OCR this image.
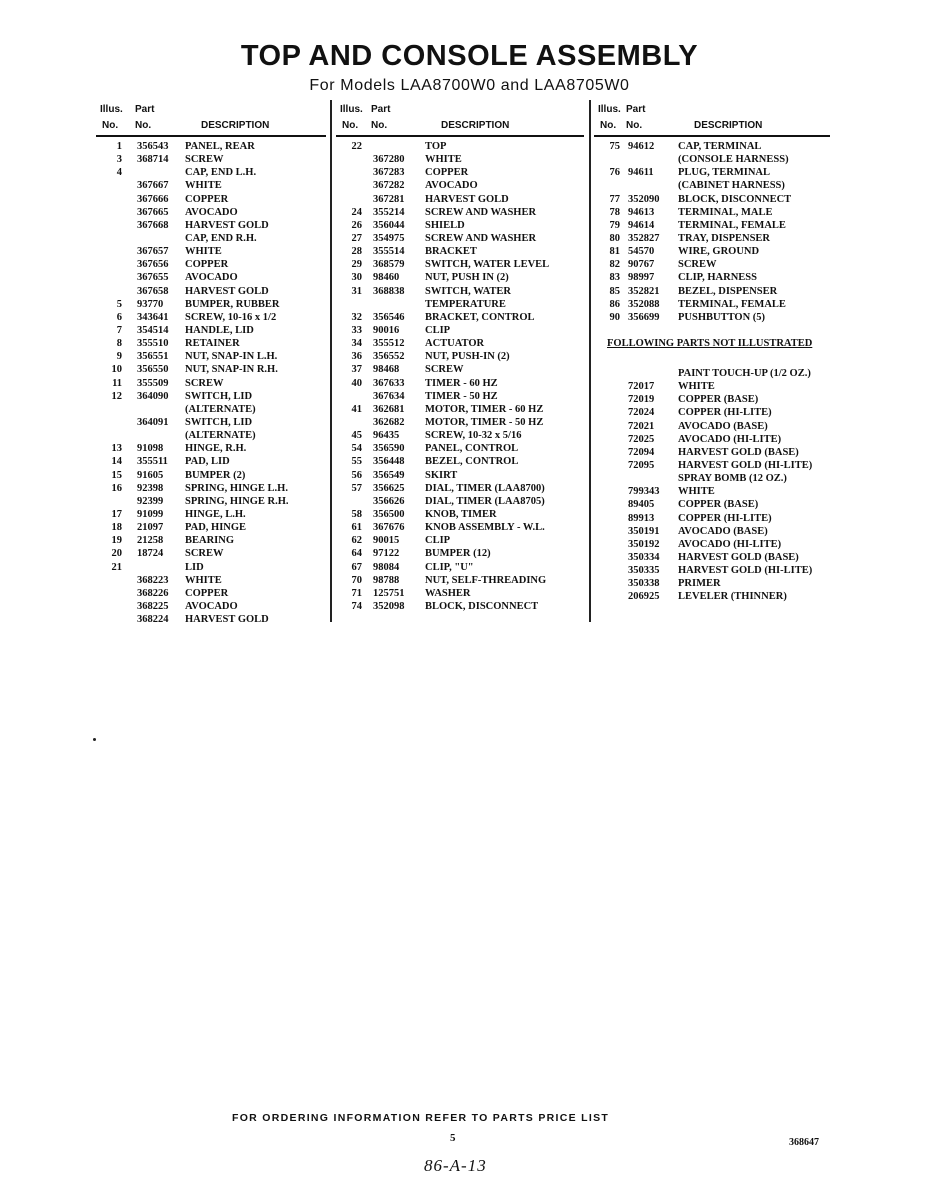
TOP AND CONSOLE ASSEMBLY
For Models LAA8700W0 and LAA8705W0
Illus. Part
No. No.	DESCRIPTION
1 356543 PANEL, REAR
3 368714 SCREW
4	CAP, END L.H.
367667 WHITE
367666 COPPER
367665 AVOCADO
367668 HARVEST GOLD
CAP, END R.H.
367657 WHITE
367656 COPPER
367655 AVOCADO
367658 HARVEST GOLD
5 93770 BUMPER, RUBBER
6 343641 SCREW, 10-16 x 1/2
7 354514 HANDLE, LID
8 355510 RETAINER
9 356551 NUT, SNAP-IN L.H.
10 356550 NUT, SNAP-IN R.H.
11 355509 SCREW
12 364090 SWITCH, LID
(ALTERNATE)
364091 SWITCH, LID
(ALTERNATE)
13 91098 HINGE, R.H.
14 355511 PAD, LID
15 91605 BUMPER (2)
16 92398 SPRING, HINGE L.H.
92399 SPRING, HINGE R.H.
17 91099 HINGE, L.H.
18 21097 PAD, HINGE
19 21258 BEARING
20 18724 SCREW
21	LID
368223 WHITE
368226 COPPER
368225 AVOCADO
368224 HARVEST GOLD
Illus. Part
No. No.	DESCRIPTION
22	TOP
367280 WHITE
367283 COPPER
367282 AVOCADO
367281 HARVEST GOLD
24 355214 SCREW AND WASHER
26 356044 SHIELD
27 354975 SCREW AND WASHER
28 355514 BRACKET
29 368579 SWITCH, WATER LEVEL
30 98460 NUT, PUSH IN (2)
31 368838 SWITCH, WATER
TEMPERATURE
32 356546 BRACKET, CONTROL
33 90016 CLIP
34 355512 ACTUATOR
36 356552 NUT, PUSH-IN (2)
37 98468 SCREW
40 367633 TIMER - 60 HZ
367634 TIMER - 50 HZ
41 362681 MOTOR, TIMER - 60 HZ
362682 MOTOR, TIMER - 50 HZ
45 96435 SCREW, 10-32 x 5/16
54 356590 PANEL, CONTROL
55 356448 BEZEL, CONTROL
56 356549 SKIRT
57 356625 DIAL, TIMER (LAA8700)
356626 DIAL, TIMER (LAA8705)
58 356500 KNOB, TIMER
61 367676 KNOB ASSEMBLY - W.L.
62 90015 CLIP
64 97122 BUMPER (12)
67 98084 CLIP, "U"
70 98788 NUT, SELF-THREADING
71 125751 WASHER
74 352098 BLOCK, DISCONNECT
Illus. Part
No. No.	DESCRIPTION
75 94612 CAP, TERMINAL
(CONSOLE HARNESS)
76 94611 PLUG, TERMINAL
(CABINET HARNESS)
77 352090 BLOCK, DISCONNECT
78 94613 TERMINAL, MALE
79 94614 TERMINAL, FEMALE
80 352827 TRAY, DISPENSER
81 54570 WIRE, GROUND
82 90767 SCREW
83 98997 CLIP, HARNESS
85 352821 BEZEL, DISPENSER
86 352088 TERMINAL, FEMALE
90 356699 PUSHBUTTON (5)
FOLLOWING PARTS NOT ILLUSTRATED
PAINT TOUCH-UP (1/2 OZ.)
72017 WHITE
72019 COPPER (BASE)
72024 COPPER (HI-LITE)
72021 AVOCADO (BASE)
72025 AVOCADO (HI-LITE)
72094 HARVEST GOLD (BASE)
72095 HARVEST GOLD (HI-LITE)
SPRAY BOMB (12 OZ.)
799343 WHITE
89405 COPPER (BASE)
89913 COPPER (HI-LITE)
350191 AVOCADO (BASE)
350192 AVOCADO (HI-LITE)
350334 HARVEST GOLD (BASE)
350335 HARVEST GOLD (HI-LITE)
350338 PRIMER
206925 LEVELER (THINNER)
FOR ORDERING INFORMATION REFER TO PARTS PRICE LIST
5	368647
86-A-13
